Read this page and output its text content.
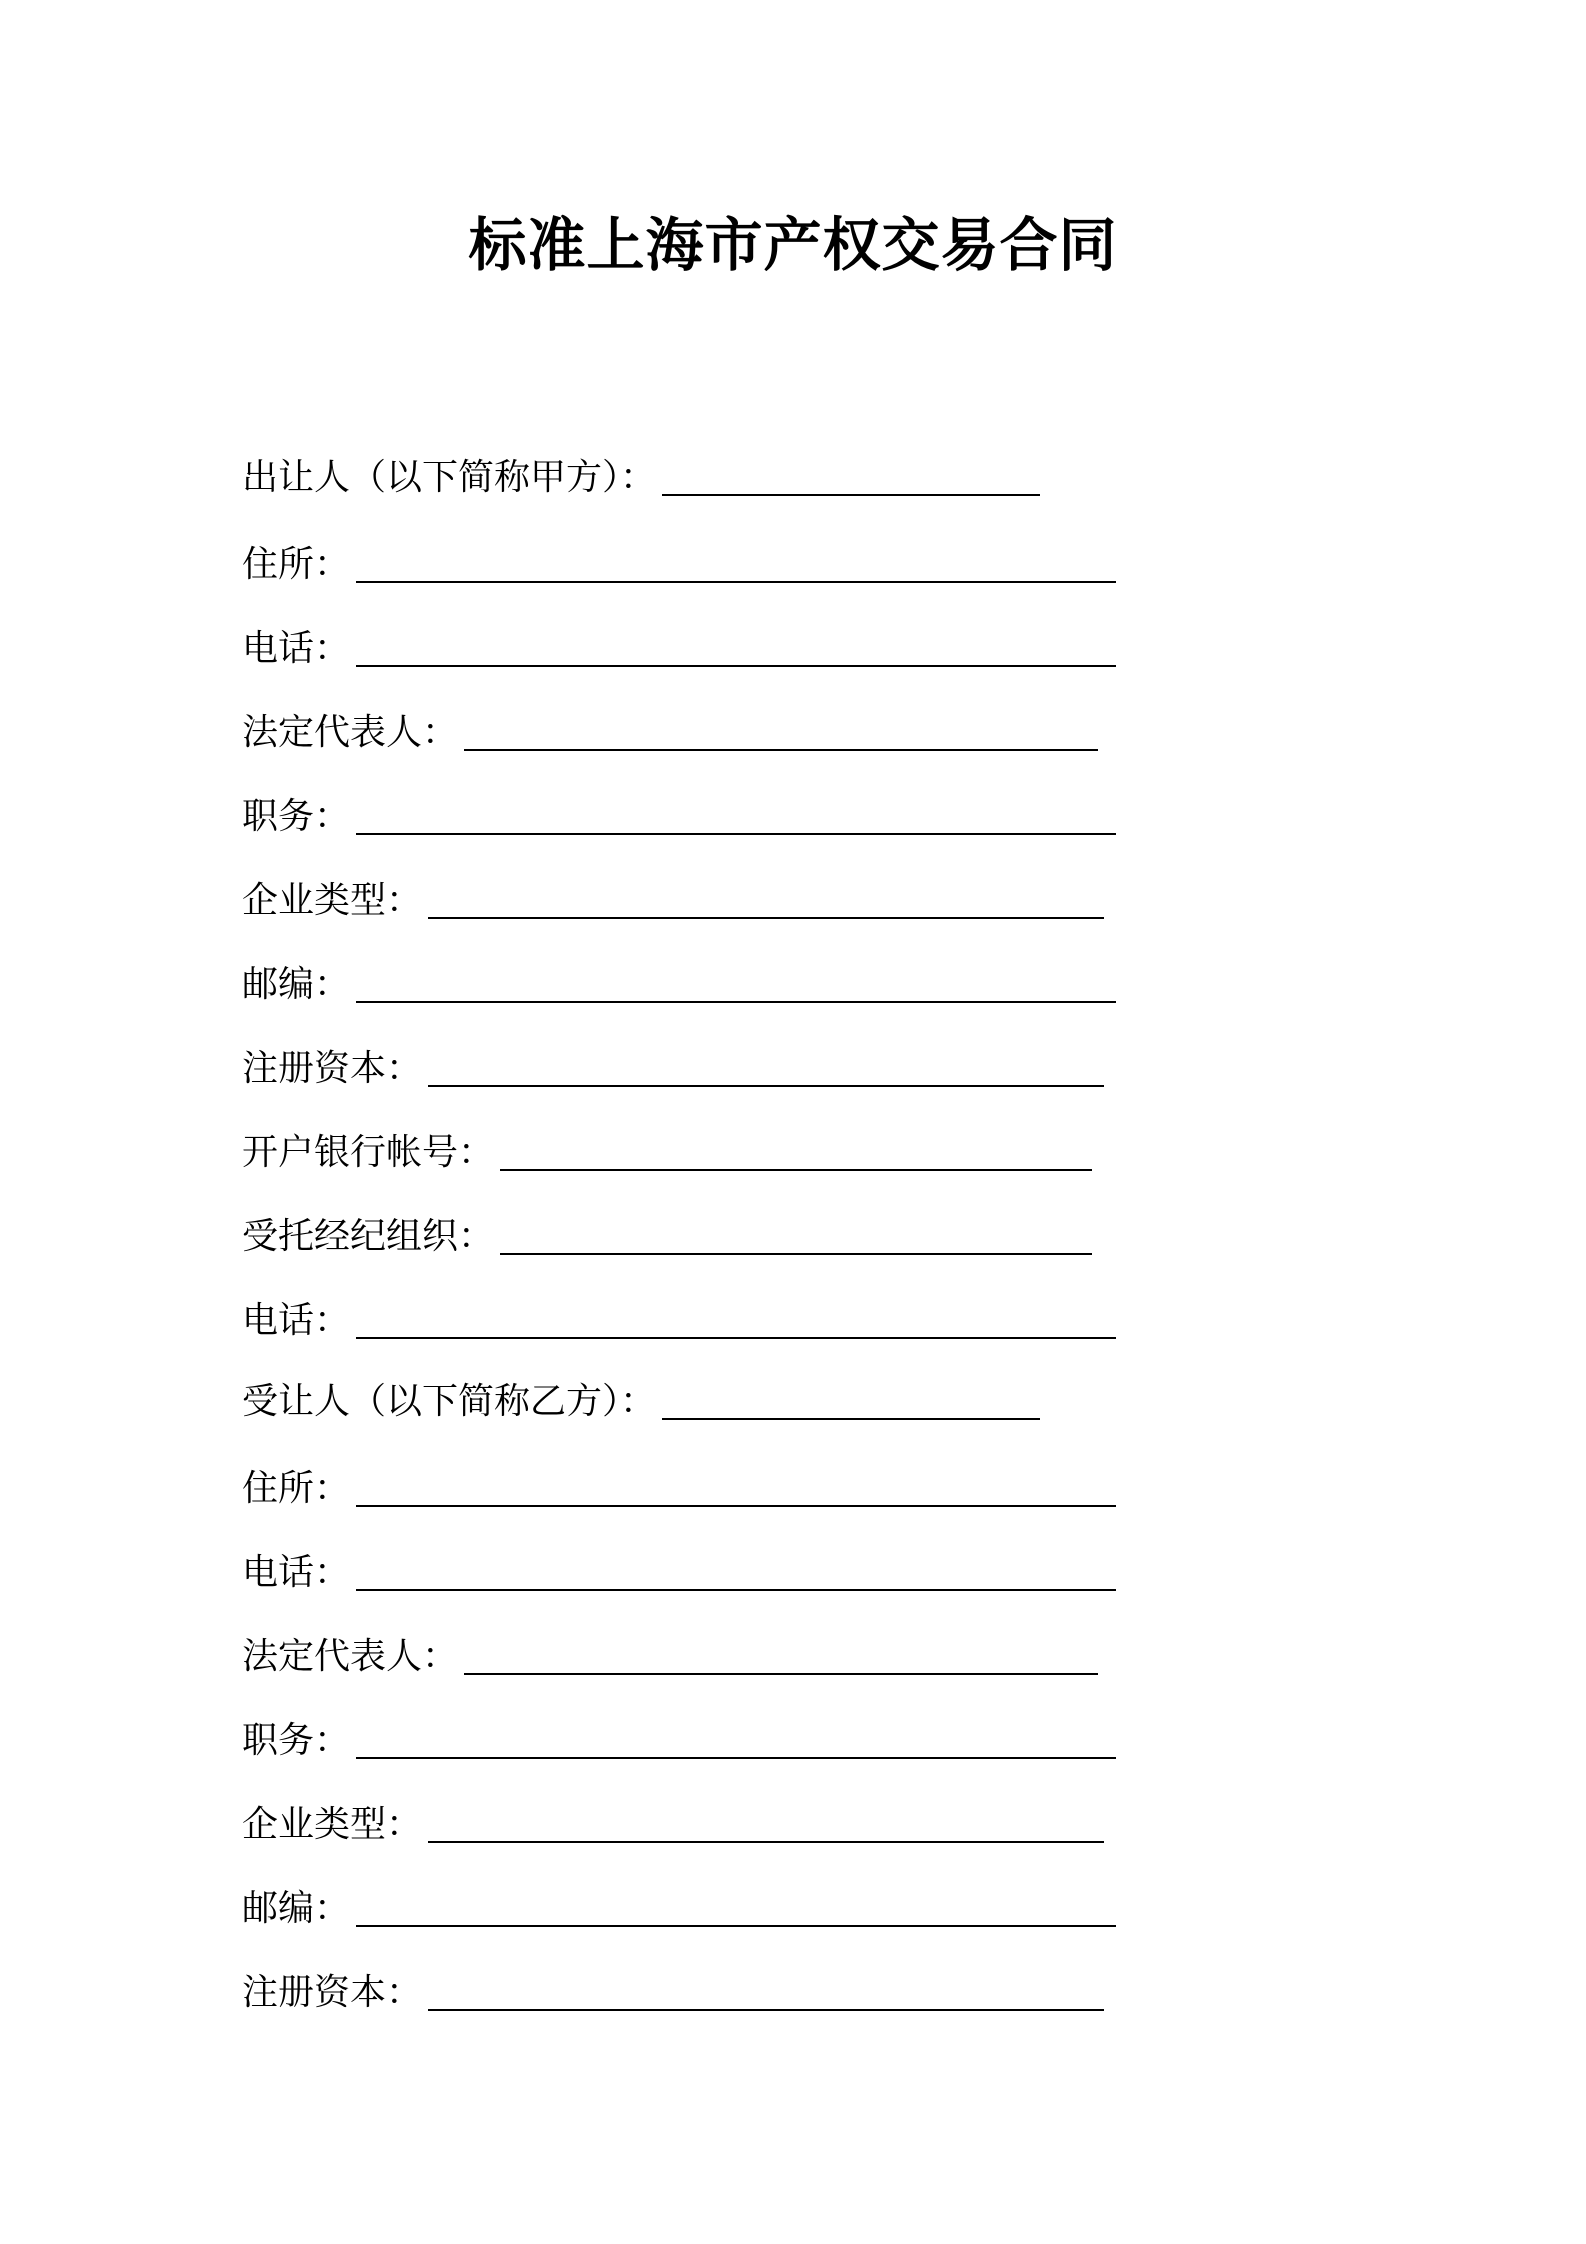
标准上海市产权交易合同
出让人（以下简称甲方）：
住所：
电话：
法定代表人：
职务：
企业类型：
邮编：
注册资本：
开户银行帐号：
受托经纪组织：
电话：
受让人（以下简称乙方）：
住所：
电话：
法定代表人：
职务：
企业类型：
邮编：
注册资本：
